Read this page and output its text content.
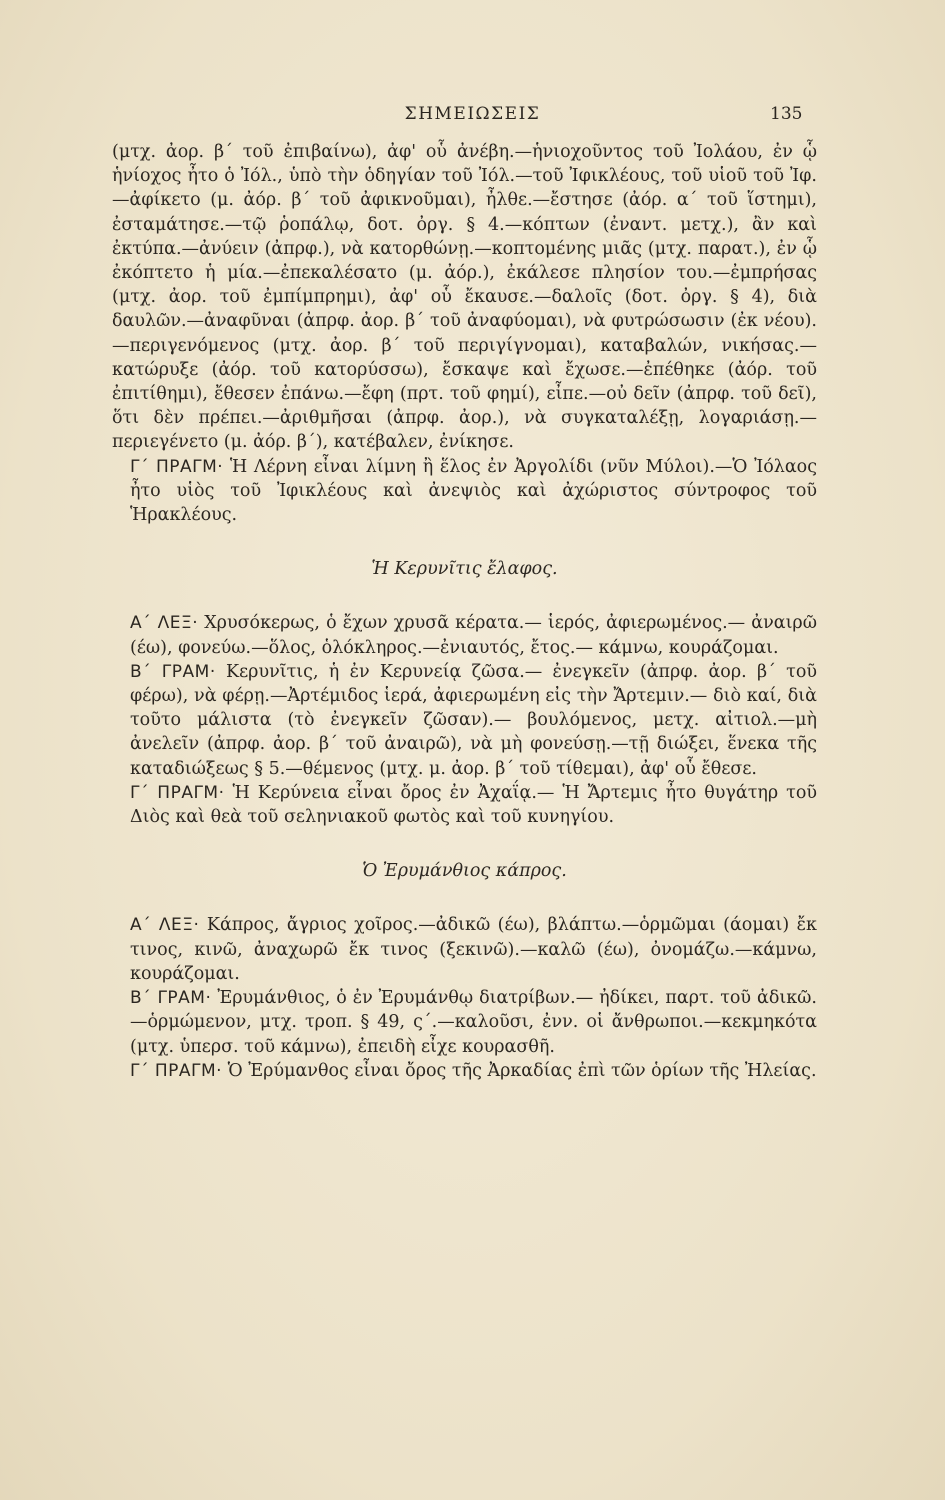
ΣΗΜΕΙΩΣΕΙΣ	135

(μτχ. ἀορ. β΄ τοῦ ἐπιβαίνω), ἀφ' οὗ ἀνέβη.—ἡνιοχοῦντος τοῦ Ἰολάου, ἐν ᾧ ἡνίοχος ἦτο ὁ Ἰόλ., ὑπὸ τὴν ὁδηγίαν τοῦ Ἰόλ.—τοῦ Ἰφικλέους, τοῦ υἱοῦ τοῦ Ἰφ.—ἀφίκετο (μ. ἀόρ. β΄ τοῦ ἀφικνοῦμαι), ἦλθε.—ἔστησε (ἀόρ. α΄ τοῦ ἵστημι), ἐσταμάτησε.—τῷ ῥοπάλῳ, δοτ. ὀργ. § 4.—κόπτων (ἐναντ. μετχ.), ἂν καὶ ἐκτύπα.—ἀνύειν (ἀπρφ.), νὰ κατορθώνῃ.—κοπτομένης μιᾶς (μτχ. παρατ.), ἐν ᾧ ἐκόπτετο ἡ μία.—ἐπεκαλέσατο (μ. ἀόρ.), ἐκάλεσε πλησίον του.—ἐμπρήσας (μτχ. ἀορ. τοῦ ἐμπίμπρημι), ἀφ' οὗ ἔκαυσε.—δαλοῖς (δοτ. ὀργ. § 4), διὰ δαυλῶν.—ἀναφῦναι (ἀπρφ. ἀορ. β΄ τοῦ ἀναφύομαι), νὰ φυτρώσωσιν (ἐκ νέου).—περιγενόμενος (μτχ. ἀορ. β΄ τοῦ περιγίγνομαι), καταβαλών, νικήσας.—κατώρυξε (ἀόρ. τοῦ κατορύσσω), ἔσκαψε καὶ ἔχωσε.—ἐπέθηκε (ἀόρ. τοῦ ἐπιτίθημι), ἔθεσεν ἐπάνω.—ἔφη (πρτ. τοῦ φημί), εἶπε.—οὐ δεῖν (ἀπρφ. τοῦ δεῖ), ὅτι δὲν πρέπει.—ἀριθμῆσαι (ἀπρφ. ἀορ.), νὰ συγκαταλέξῃ, λογαριάσῃ.—περιεγένετο (μ. ἀόρ. β΄), κατέβαλεν, ἐνίκησε.

Γ΄ ΠΡΑΓΜ· Ἡ Λέρνη εἶναι λίμνη ἢ ἕλος ἐν Ἀργολίδι (νῦν Μύλοι).—Ὁ Ἰόλαος ἦτο υἱὸς τοῦ Ἰφικλέους καὶ ἀνεψιὸς καὶ ἀχώριστος σύντροφος τοῦ Ἡρακλέους.

Ἡ Κερυνῖτις ἔλαφος.

Α΄ ΛΕΞ· Χρυσόκερως, ὁ ἔχων χρυσᾶ κέρατα.— ἱερός, ἀφιερωμένος.— ἀναιρῶ (έω), φονεύω.—ὅλος, ὁλόκληρος.—ἐνιαυτός, ἔτος.— κάμνω, κουράζομαι.

Β΄ ΓΡΑΜ· Κερυνῖτις, ἡ ἐν Κερυνείᾳ ζῶσα.— ἐνεγκεῖν (ἀπρφ. ἀορ. β΄ τοῦ φέρω), νὰ φέρῃ.—Ἀρτέμιδος ἱερά, ἀφιερωμένη εἰς τὴν Ἄρτεμιν.— διὸ καί, διὰ τοῦτο μάλιστα (τὸ ἐνεγκεῖν ζῶσαν).— βουλόμενος, μετχ. αἰτιολ.—μὴ ἀνελεῖν (ἀπρφ. ἀορ. β΄ τοῦ ἀναιρῶ), νὰ μὴ φονεύσῃ.—τῇ διώξει, ἕνεκα τῆς καταδιώξεως § 5.—θέμενος (μτχ. μ. ἀορ. β΄ τοῦ τίθεμαι), ἀφ' οὗ ἔθεσε.

Γ΄ ΠΡΑΓΜ· Ἡ Κερύνεια εἶναι ὄρος ἐν Ἀχαΐᾳ.— Ἡ Ἄρτεμις ἦτο θυγάτηρ τοῦ Διὸς καὶ θεὰ τοῦ σεληνιακοῦ φωτὸς καὶ τοῦ κυνηγίου.

Ὁ Ἐρυμάνθιος κάπρος.

Α΄ ΛΕΞ· Κάπρος, ἄγριος χοῖρος.—ἀδικῶ (έω), βλάπτω.—ὁρμῶμαι (άομαι) ἔκ τινος, κινῶ, ἀναχωρῶ ἔκ τινος (ξεκινῶ).—καλῶ (έω), ὀνομάζω.—κάμνω, κουράζομαι.

Β΄ ΓΡΑΜ· Ἐρυμάνθιος, ὁ ἐν Ἐρυμάνθῳ διατρίβων.— ἠδίκει, παρτ. τοῦ ἀδικῶ.—ὁρμώμενον, μτχ. τροπ. § 49, ς΄.—καλοῦσι, ἐνν. οἱ ἄνθρωποι.—κεκμηκότα (μτχ. ὑπερσ. τοῦ κάμνω), ἐπειδὴ εἶχε κουρασθῆ.

Γ΄ ΠΡΑΓΜ· Ὁ Ἐρύμανθος εἶναι ὄρος τῆς Ἀρκαδίας ἐπὶ τῶν ὁρίων τῆς Ἠλείας.
